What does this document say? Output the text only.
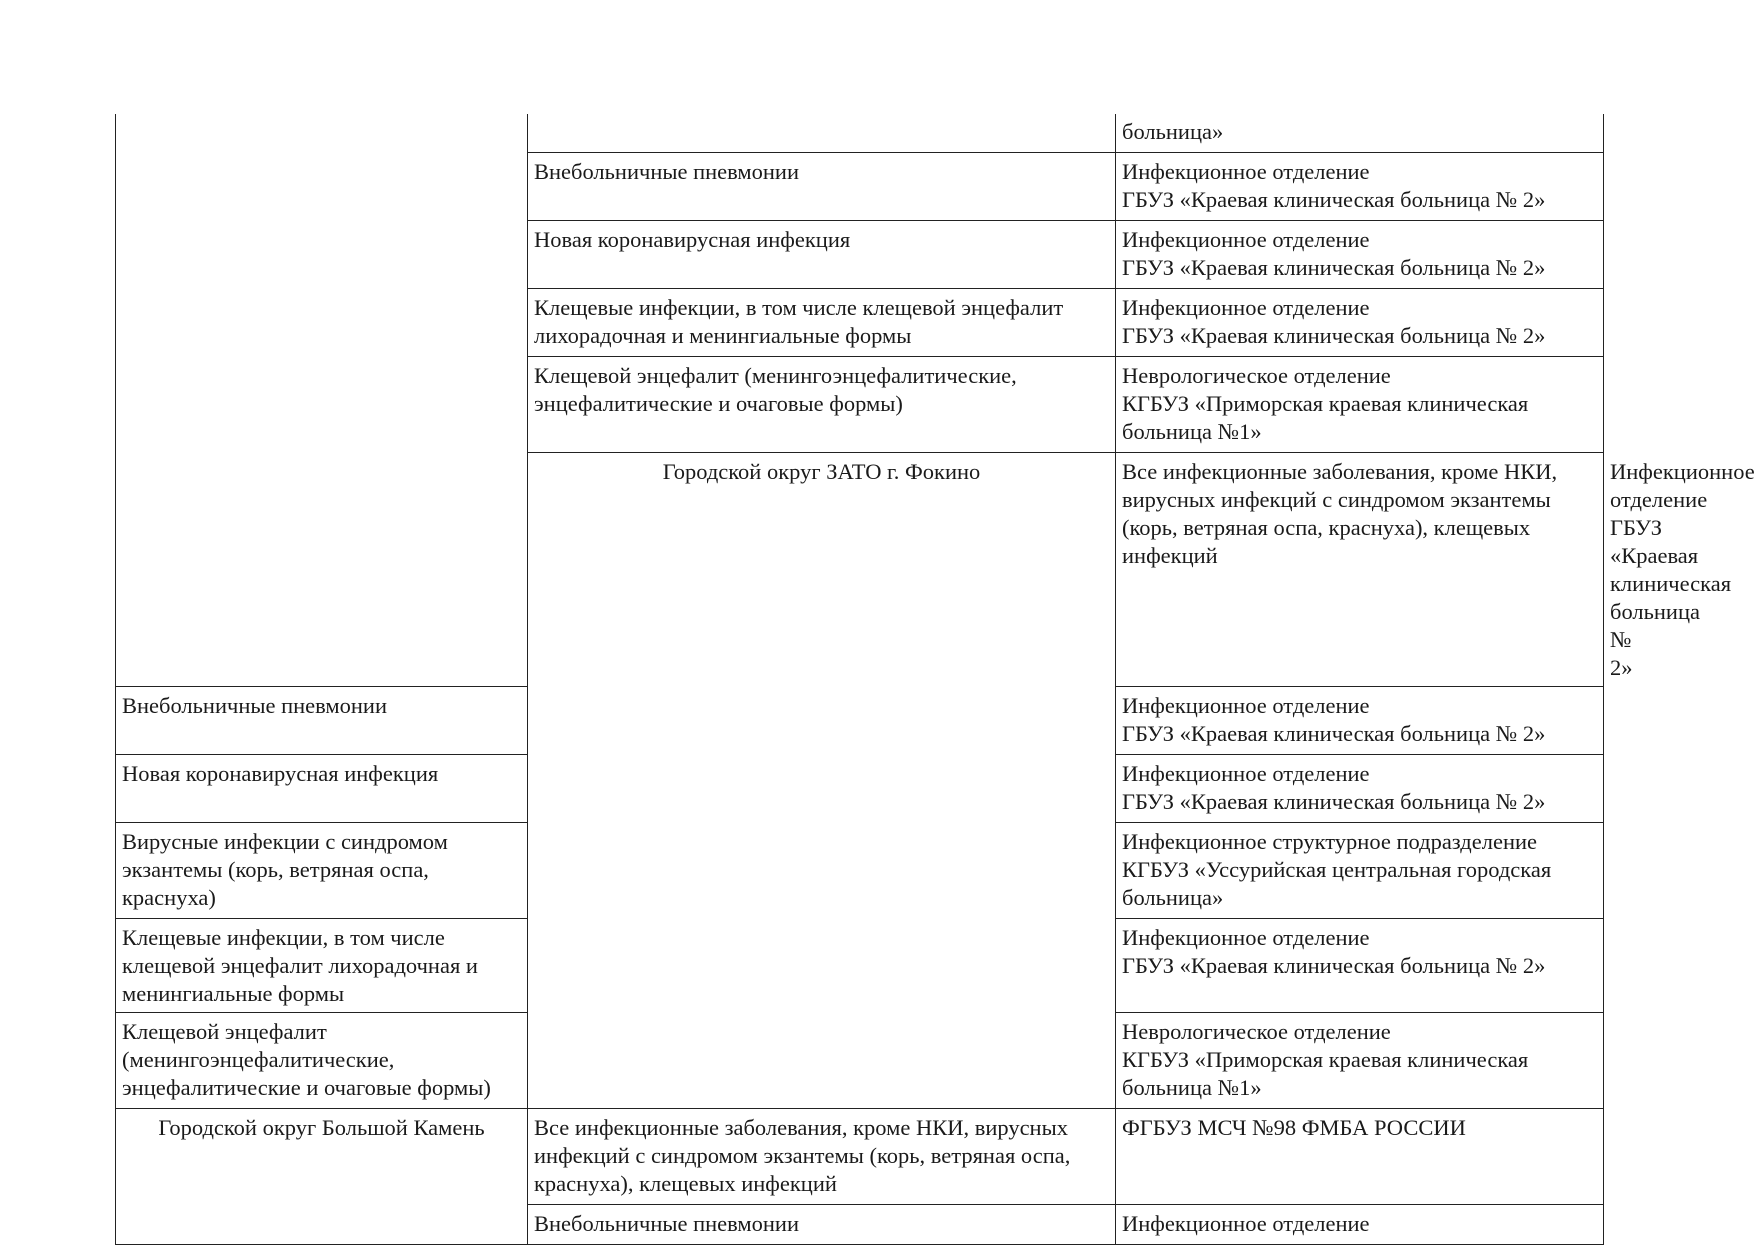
		больница»	
	Внебольничные пневмонии	Инфекционное отделение
ГБУЗ «Краевая клиническая больница № 2»	
	Новая коронавирусная инфекция	Инфекционное отделение
ГБУЗ «Краевая клиническая больница № 2»	
	Клещевые инфекции, в том числе клещевой энцефалит лихорадочная и менингиальные формы	Инфекционное отделение
ГБУЗ «Краевая клиническая больница № 2»	
	Клещевой энцефалит (менингоэнцефалитические, энцефалитические и очаговые формы)	Неврологическое отделение
КГБУЗ «Приморская краевая клиническая больница №1»	
	Городской округ ЗАТО г. Фокино	Все инфекционные заболевания, кроме НКИ, вирусных инфекций с синдромом экзантемы (корь, ветряная оспа, краснуха), клещевых инфекций	Инфекционное отделение
ГБУЗ «Краевая клиническая больница № 2»
Внебольничные пневмонии		Инфекционное отделение
ГБУЗ «Краевая клиническая больница № 2»	
Новая коронавирусная инфекция		Инфекционное отделение
ГБУЗ «Краевая клиническая больница № 2»	
Вирусные инфекции с синдромом экзантемы (корь, ветряная оспа, краснуха)		Инфекционное структурное подразделение
КГБУЗ «Уссурийская центральная городская больница»	
Клещевые инфекции, в том числе клещевой энцефалит лихорадочная и менингиальные формы		Инфекционное отделение
ГБУЗ «Краевая клиническая больница № 2»	
Клещевой энцефалит (менингоэнцефалитические, энцефалитические и очаговые формы)		Неврологическое отделение
КГБУЗ «Приморская краевая клиническая больница №1»	
Городской округ Большой Камень	Все инфекционные заболевания, кроме НКИ, вирусных инфекций с синдромом экзантемы (корь, ветряная оспа, краснуха), клещевых инфекций	ФГБУЗ МСЧ №98 ФМБА РОССИИ	
	Внебольничные пневмонии	Инфекционное отделение	
